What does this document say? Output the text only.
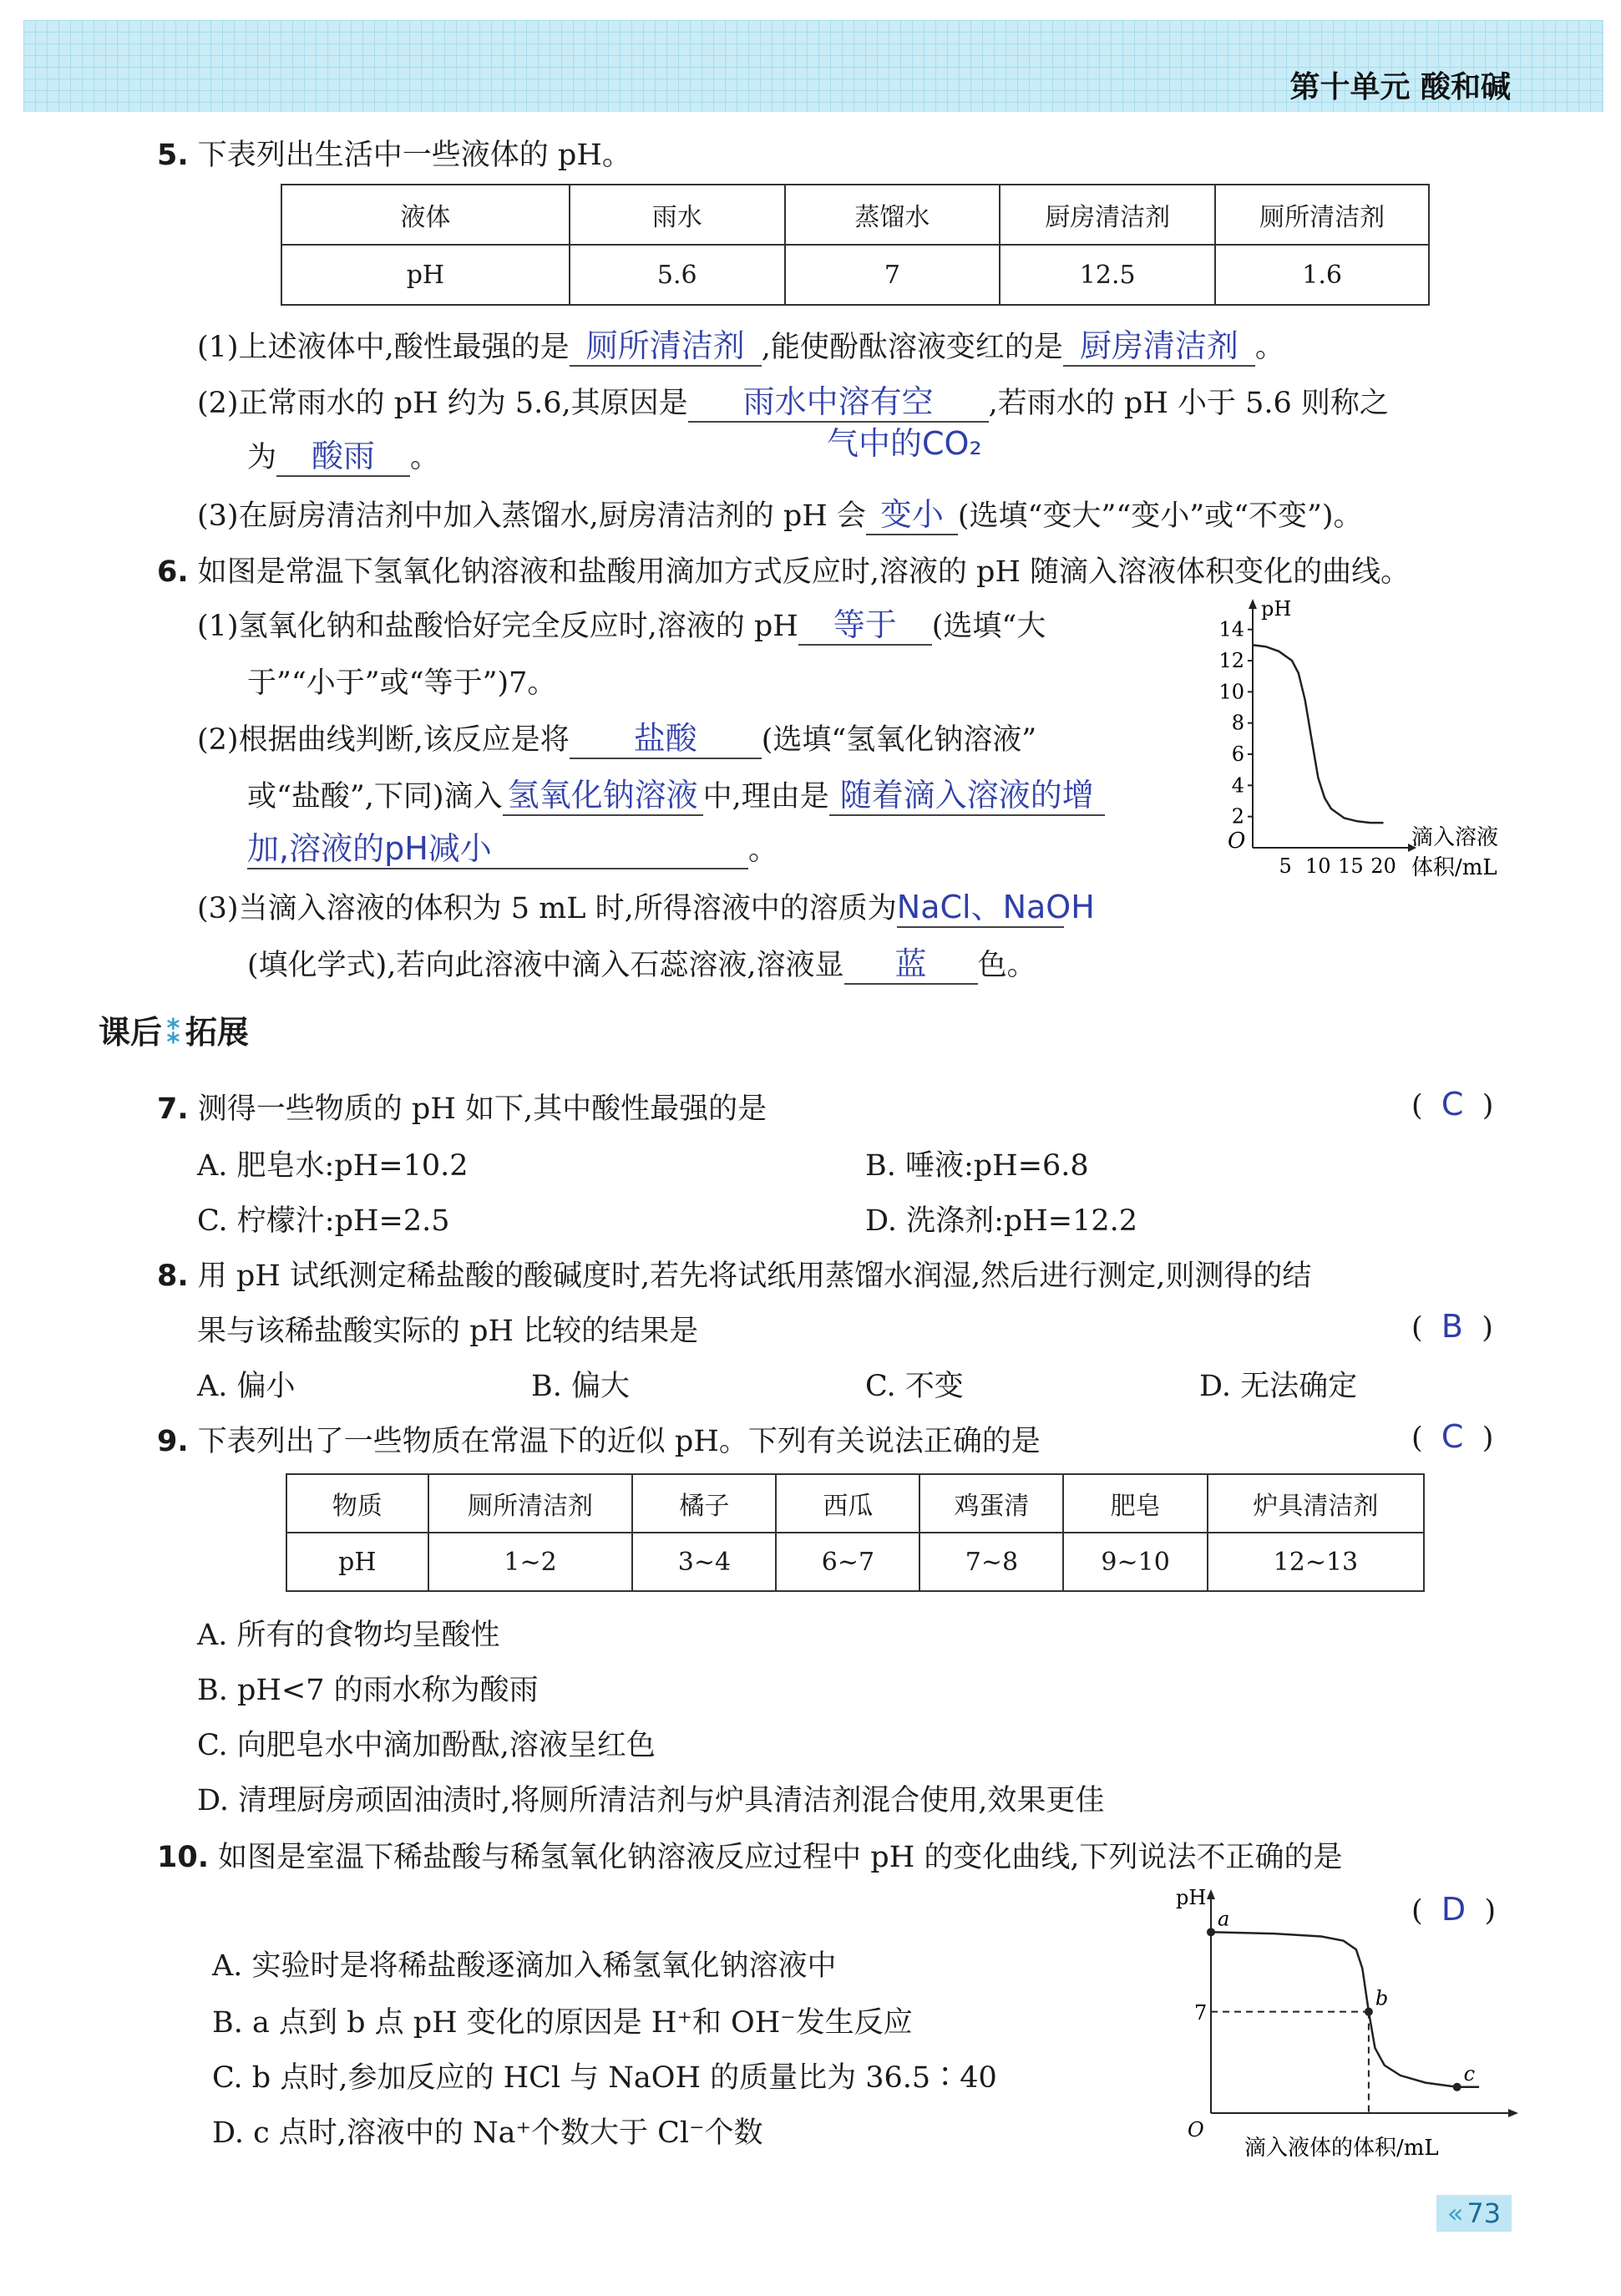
第十单元 酸和碱
5. 下表列出生活中一些液体的 pH。
液体	雨水	蒸馏水	厨房清洁剂	厕所清洁剂
pH	5.6	7	12.5	1.6
(1)上述液体中,酸性最强的是 厕所清洁剂 ,能使酚酞溶液变红的是 厨房清洁剂 。
(2)正常雨水的 pH 约为 5.6,其原因是 雨水中溶有空 ,若雨水的 pH 小于 5.6 则称之
气中的CO₂
为 酸雨 。
(3)在厨房清洁剂中加入蒸馏水,厨房清洁剂的 pH 会 变小 (选填“变大”“变小”或“不变”)。
6. 如图是常温下氢氧化钠溶液和盐酸用滴加方式反应时,溶液的 pH 随滴入溶液体积变化的曲线。
(1)氢氧化钠和盐酸恰好完全反应时,溶液的 pH 等于 (选填“大
于”“小于”或“等于”)7。
(2)根据曲线判断,该反应是将 盐酸 (选填“氢氧化钠溶液”
或“盐酸”,下同)滴入 氢氧化钠溶液 中,理由是 随着滴入溶液的增
加,溶液的pH减小	。
(3)当滴入溶液的体积为 5 mL 时,所得溶液中的溶质为NaCl、NaOH
(填化学式),若向此溶液中滴入石蕊溶液,溶液显 蓝 色。
pH
O
2
4
6
8
10
12
14
5 10 15 20
滴入溶液
体积/mL
课后 ⁑ 拓展
7. 测得一些物质的 pH 如下,其中酸性最强的是	( C )
A. 肥皂水:pH=10.2	B. 唾液:pH=6.8
C. 柠檬汁:pH=2.5	D. 洗涤剂:pH=12.2
8. 用 pH 试纸测定稀盐酸的酸碱度时,若先将试纸用蒸馏水润湿,然后进行测定,则测得的结
果与该稀盐酸实际的 pH 比较的结果是	( B )
A. 偏小	B. 偏大	C. 不变	D. 无法确定
9. 下表列出了一些物质在常温下的近似 pH。下列有关说法正确的是	( C )
物质	厕所清洁剂	橘子	西瓜	鸡蛋清	肥皂	炉具清洁剂
pH	1~2	3~4	6~7	7~8	9~10	12~13
A. 所有的食物均呈酸性
B. pH<7 的雨水称为酸雨
C. 向肥皂水中滴加酚酞,溶液呈红色
D. 清理厨房顽固油渍时,将厕所清洁剂与炉具清洁剂混合使用,效果更佳
10. 如图是室温下稀盐酸与稀氢氧化钠溶液反应过程中 pH 的变化曲线,下列说法不正确的是
( D )
A. 实验时是将稀盐酸逐滴加入稀氢氧化钠溶液中
B. a 点到 b 点 pH 变化的原因是 H⁺和 OH⁻发生反应
C. b 点时,参加反应的 HCl 与 NaOH 的质量比为 36.5∶40
D. c 点时,溶液中的 Na⁺个数大于 Cl⁻个数
pH
O
7
a
b
c
滴入液体的体积/mL
« 73
